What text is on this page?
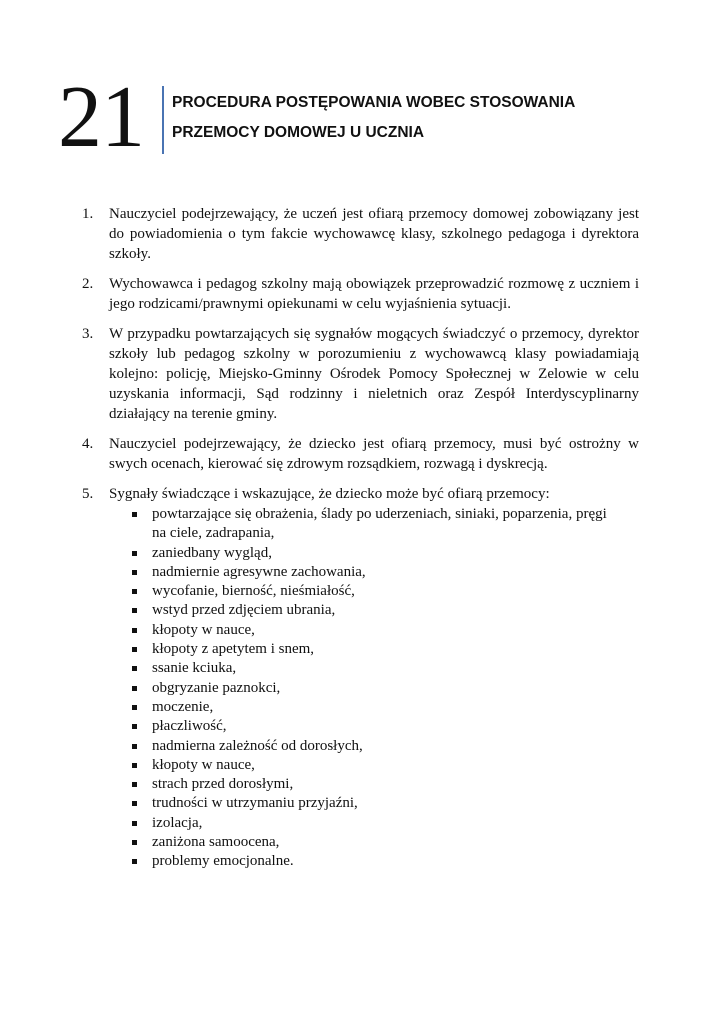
21 PROCEDURA POSTĘPOWANIA WOBEC STOSOWANIA
PRZEMOCY DOMOWEJ U UCZNIA
1. Nauczyciel podejrzewający, że uczeń jest ofiarą przemocy domowej zobowiązany jest do powiadomienia o tym fakcie wychowawcę klasy, szkolnego pedagoga i dyrektora szkoły.
2. Wychowawca i pedagog szkolny mają obowiązek przeprowadzić rozmowę z uczniem i jego rodzicami/prawnymi opiekunami w celu wyjaśnienia sytuacji.
3. W przypadku powtarzających się sygnałów mogących świadczyć o przemocy, dyrektor szkoły lub pedagog szkolny w porozumieniu z wychowawcą klasy powiadamiają kolejno: policję, Miejsko-Gminny Ośrodek Pomocy Społecznej w Zelowie w celu uzyskania informacji, Sąd rodzinny i nieletnich oraz Zespół Interdyscyplinarny działający na terenie gminy.
4. Nauczyciel podejrzewający, że dziecko jest ofiarą przemocy, musi być ostrożny w swych ocenach, kierować się zdrowym rozsądkiem, rozwagą i dyskrecją.
5. Sygnały świadczące i wskazujące, że dziecko może być ofiarą przemocy:
powtarzające się obrażenia, ślady po uderzeniach, siniaki, poparzenia, pręgi na ciele, zadrapania,
zaniedbany wygląd,
nadmiernie agresywne zachowania,
wycofanie, bierność, nieśmiałość,
wstyd przed zdjęciem ubrania,
kłopoty w nauce,
kłopoty z apetytem i snem,
ssanie kciuka,
obgryzanie paznokci,
moczenie,
płaczliwość,
nadmierna zależność od dorosłych,
kłopoty w nauce,
strach przed dorosłymi,
trudności w utrzymaniu przyjaźni,
izolacja,
zaniżona samoocena,
problemy emocjonalne.
